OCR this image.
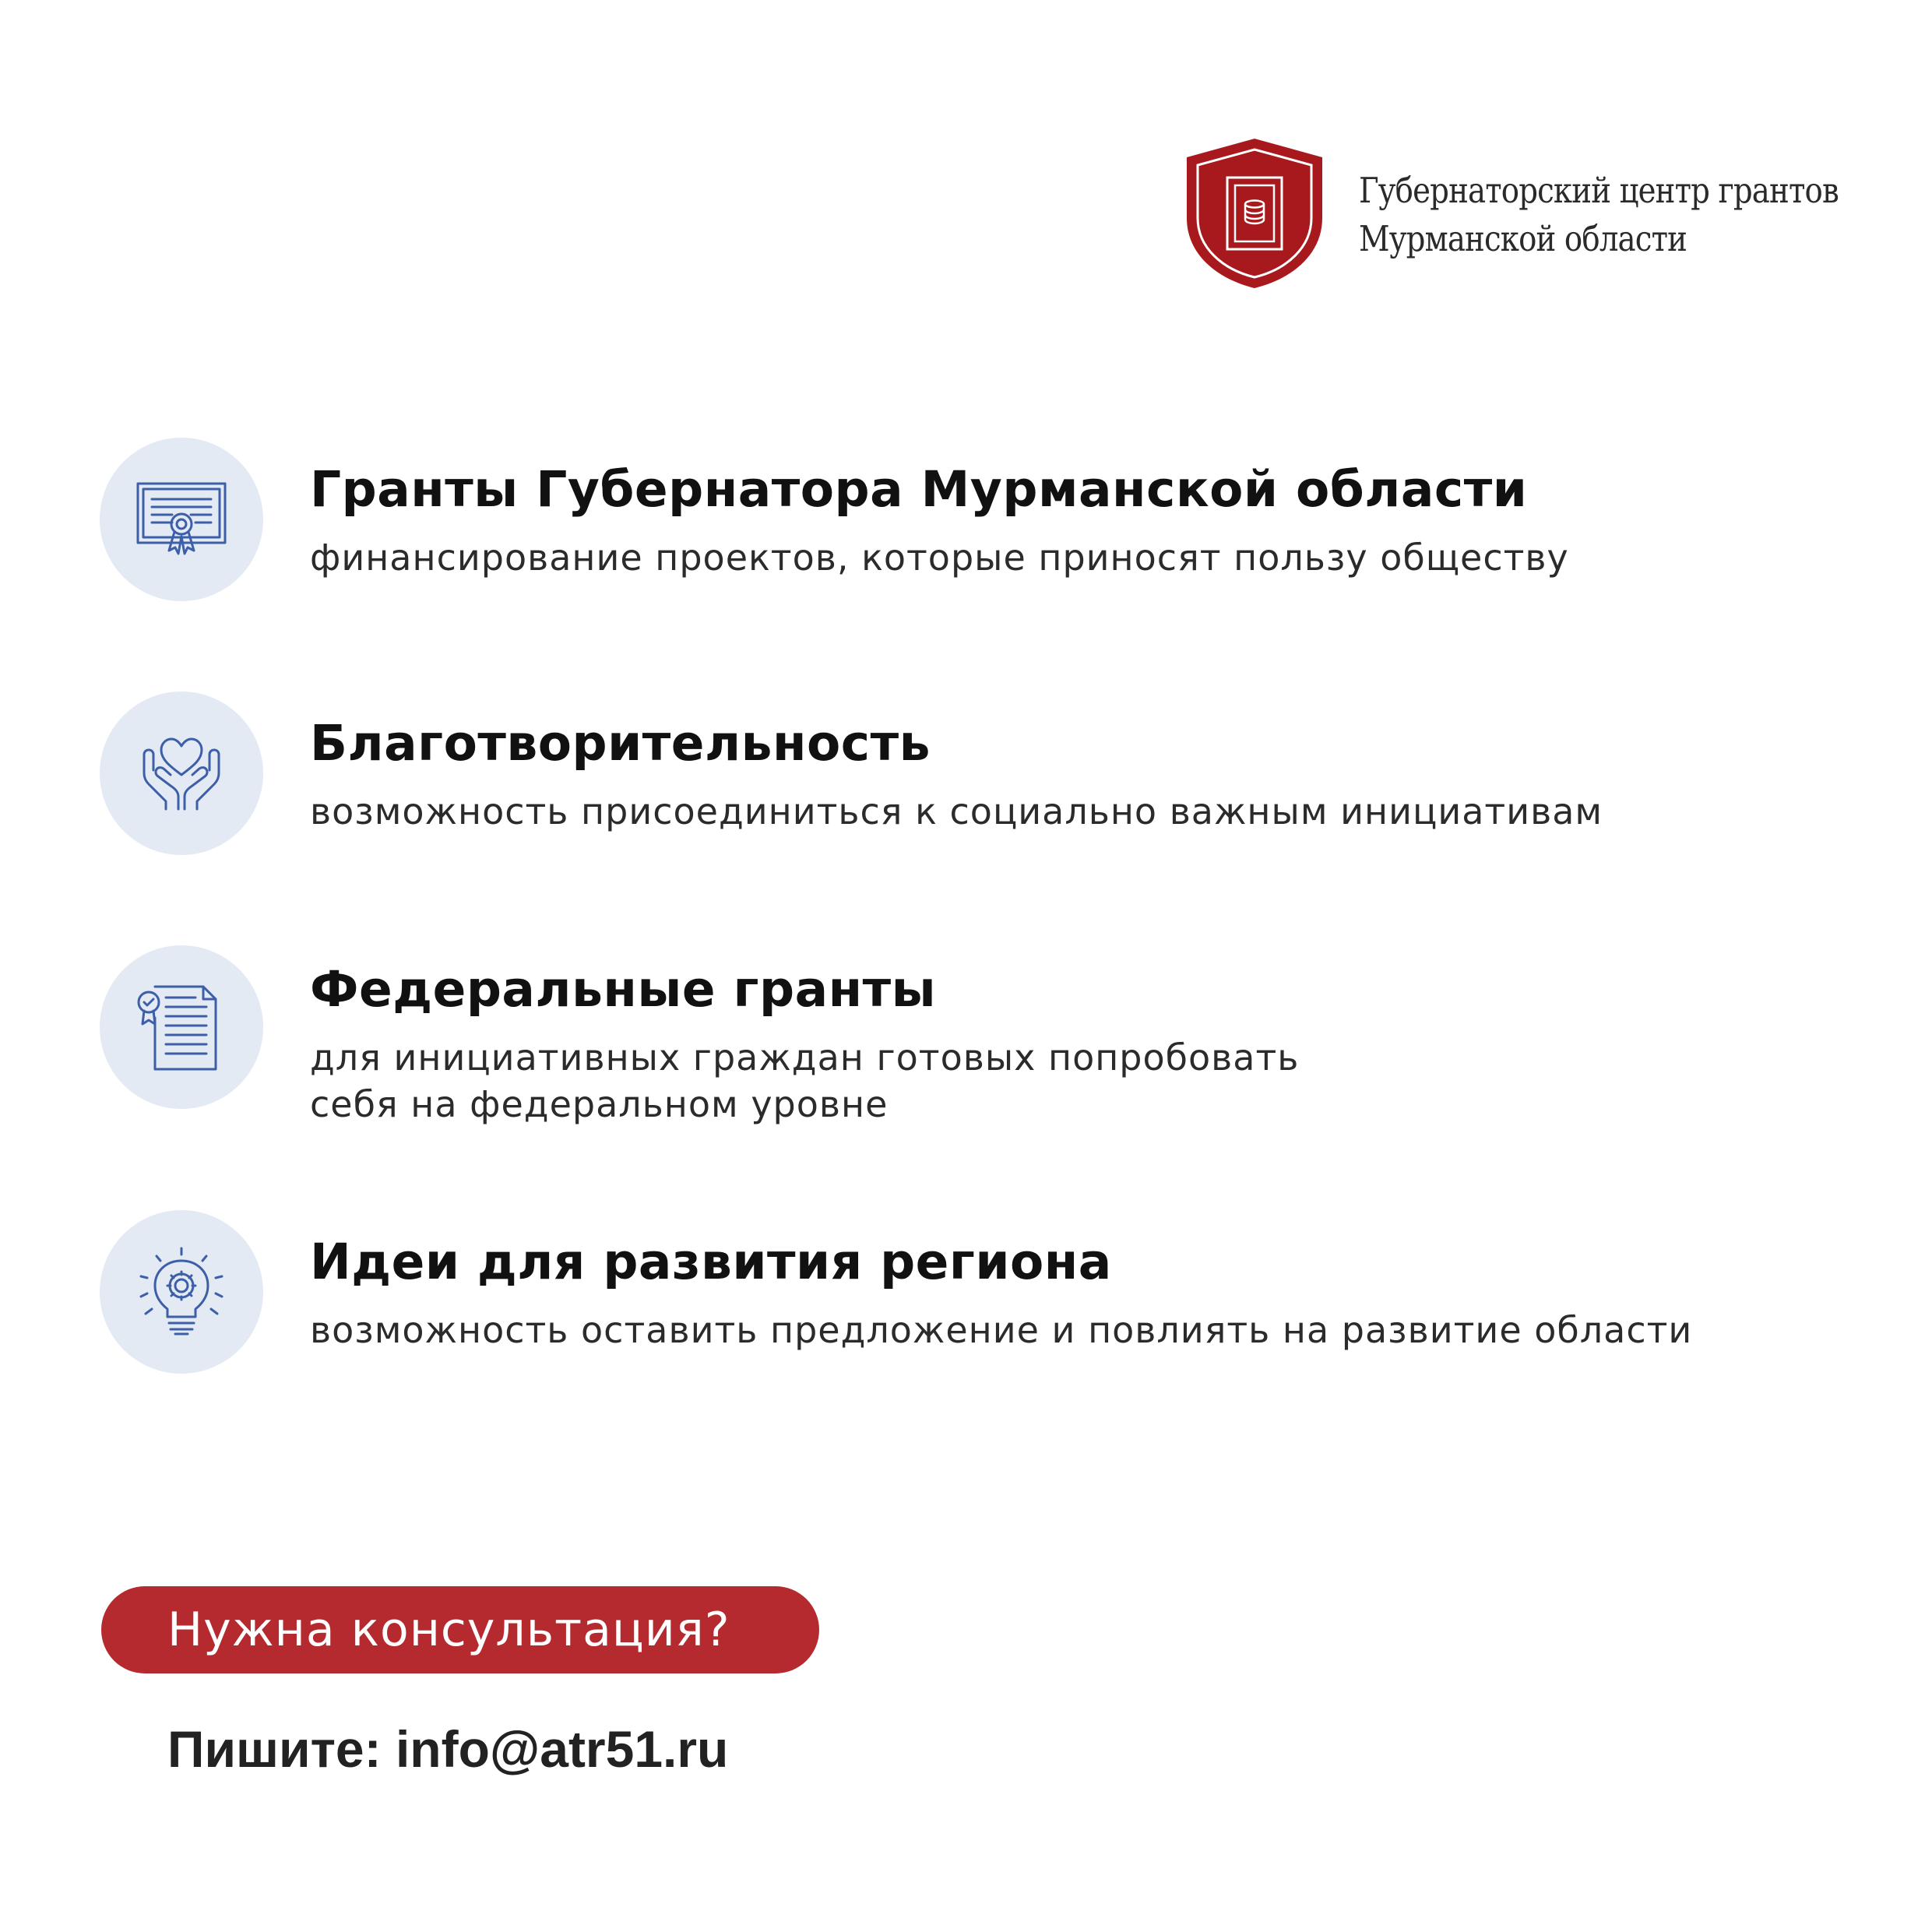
Губернаторский центр грантов
Мурманской области
Гранты Губернатора Мурманской области
финансирование проектов, которые приносят пользу обществу
Благотворительность
возможность присоединиться к социально важным инициативам
Федеральные гранты
для инициативных граждан готовых попробовать
себя на федеральном уровне
Идеи для развития региона
возможность оставить предложение и повлиять на развитие области
Нужна консультация?
Пишите: info@atr51.ru
